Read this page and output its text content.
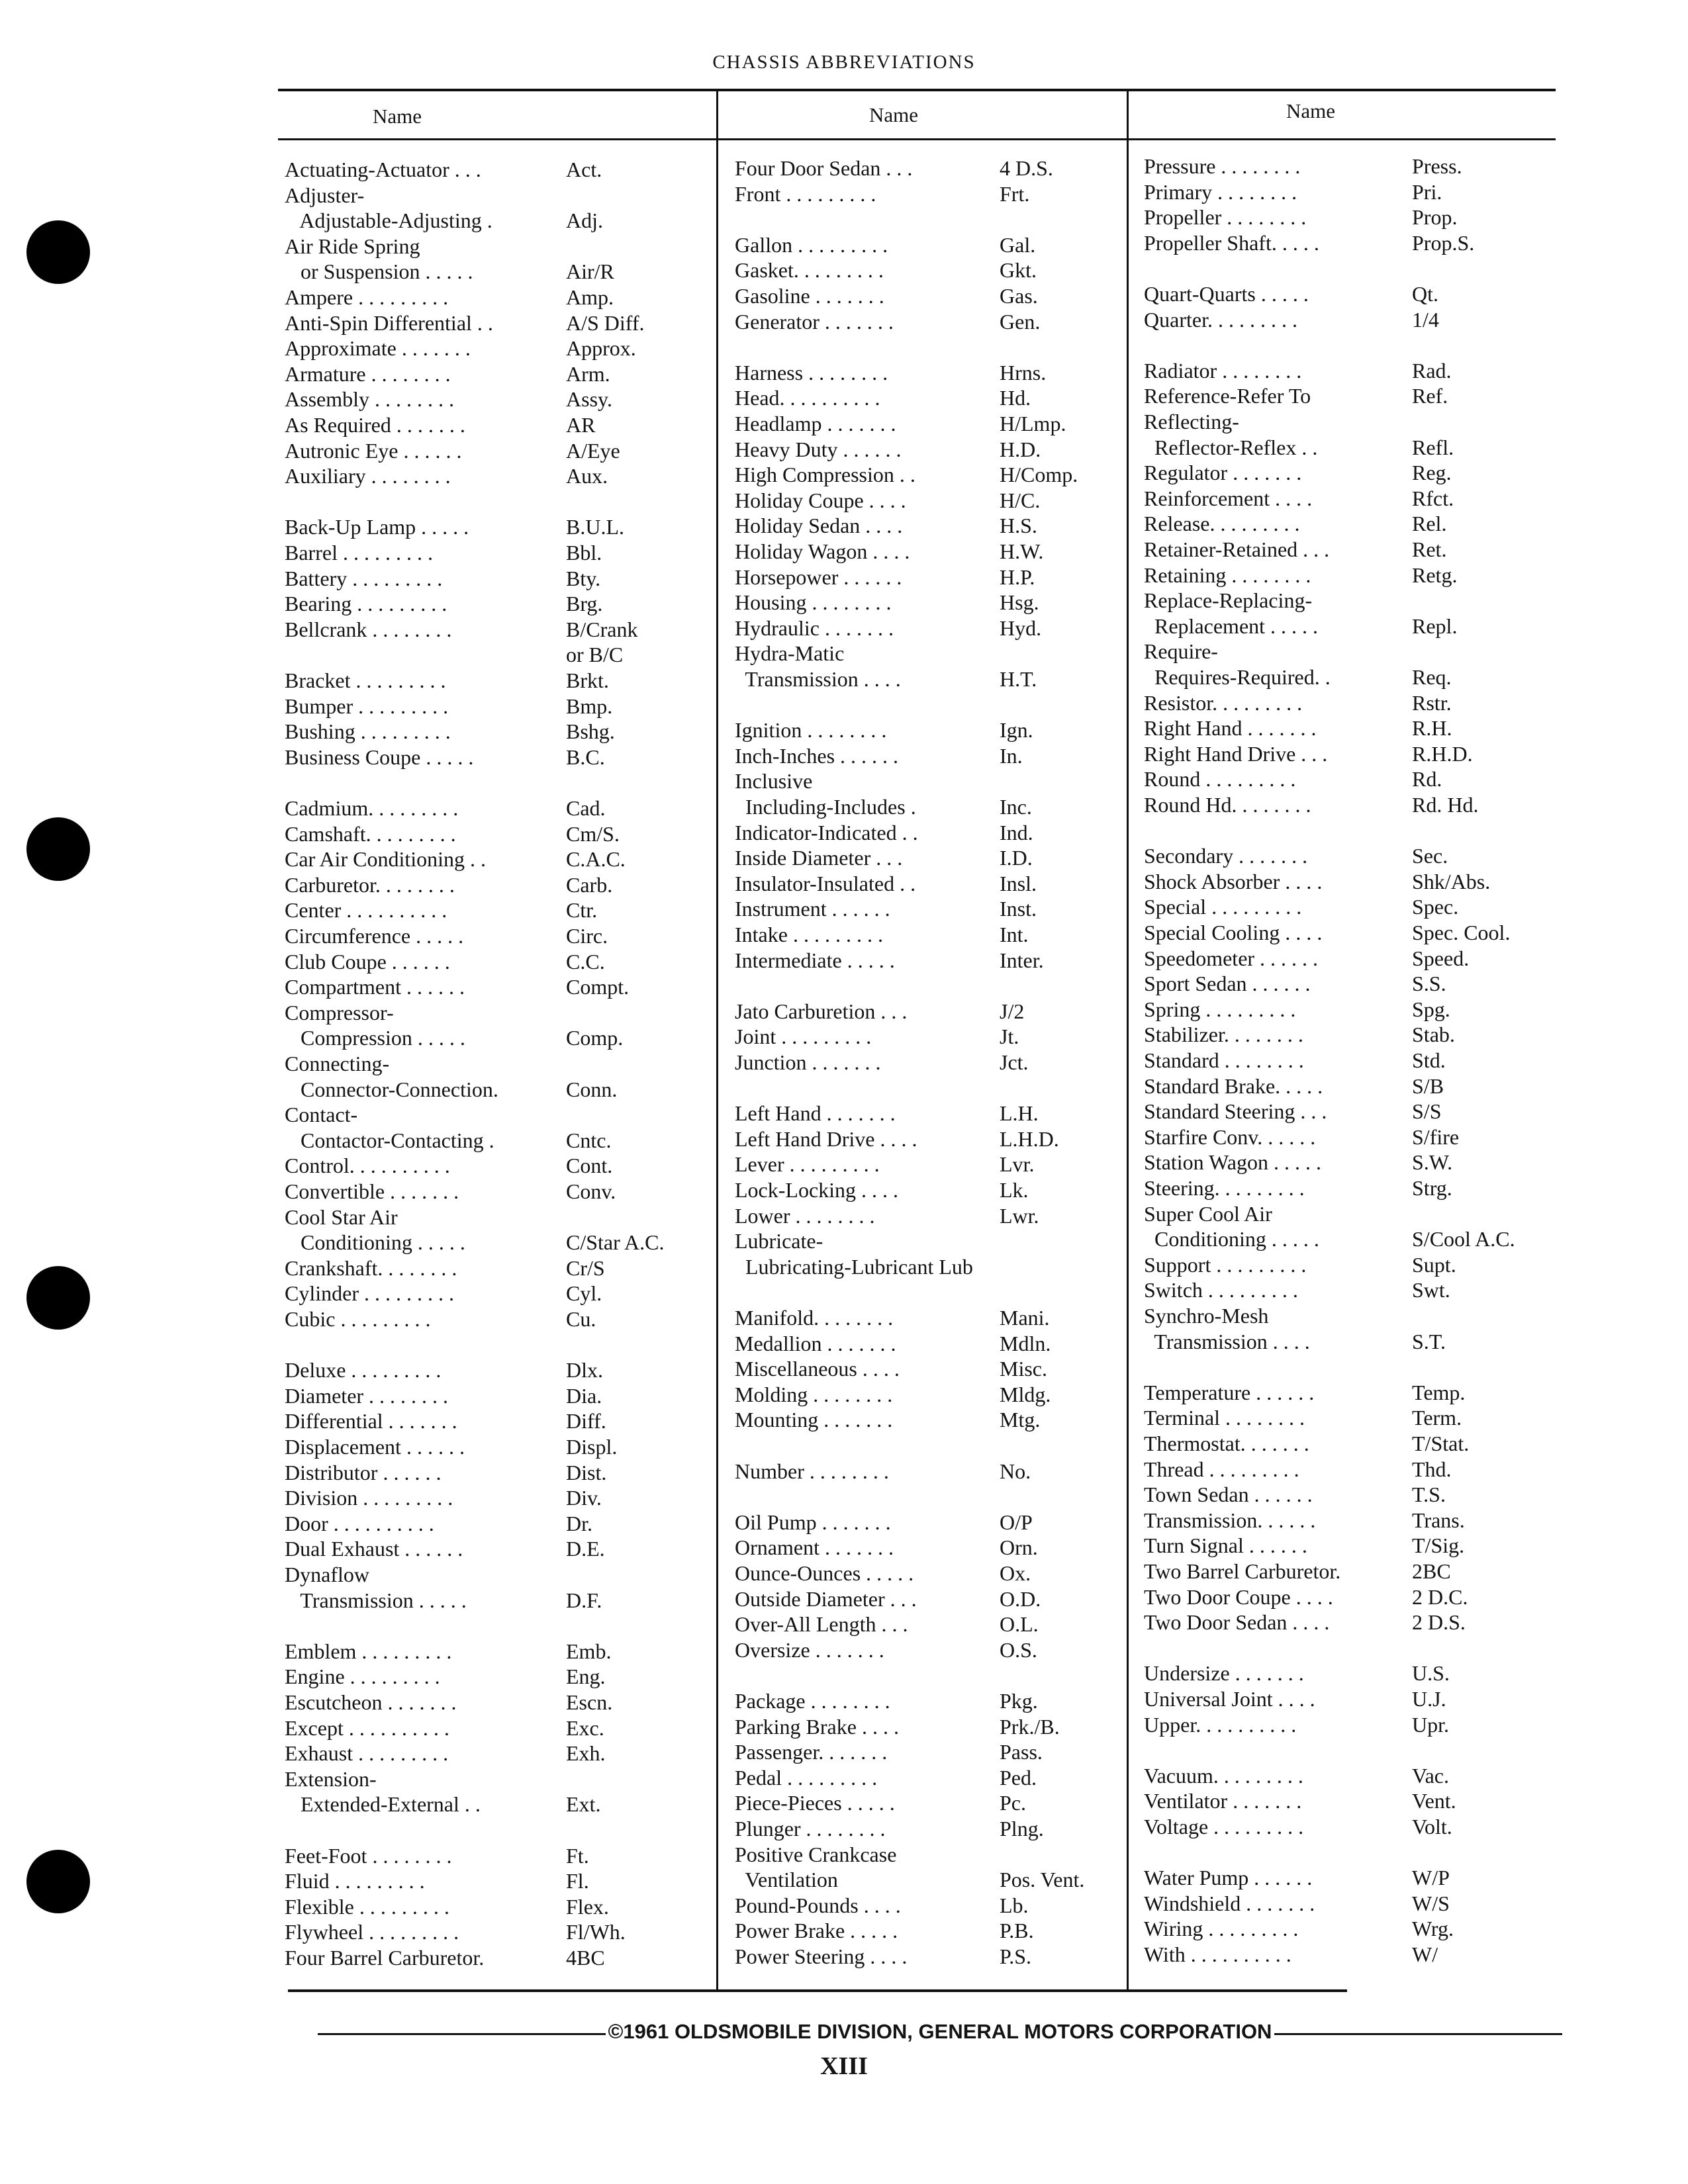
CHASSIS ABBREVIATIONS
Name	Name	Name
Actuating-Actuator . . .	Act.
Adjuster-
Adjustable-Adjusting .	Adj.
Air Ride Spring
or Suspension . . . . .	Air/R
Ampere . . . . . . . . .	Amp.
Anti-Spin Differential . .	A/S Diff.
Approximate . . . . . . .	Approx.
Armature . . . . . . . .	Arm.
Assembly . . . . . . . .	Assy.
As Required . . . . . . .	AR
Autronic Eye . . . . . .	A/Eye
Auxiliary . . . . . . . .	Aux.
Back-Up Lamp . . . . .	B.U.L.
Barrel . . . . . . . . .	Bbl.
Battery . . . . . . . . .	Bty.
Bearing . . . . . . . . .	Brg.
Bellcrank . . . . . . . .	B/Crank
or B/C
Bracket . . . . . . . . .	Brkt.
Bumper . . . . . . . . .	Bmp.
Bushing . . . . . . . . .	Bshg.
Business Coupe . . . . .	B.C.
Cadmium. . . . . . . . .	Cad.
Camshaft. . . . . . . . .	Cm/S.
Car Air Conditioning . .	C.A.C.
Carburetor. . . . . . . .	Carb.
Center . . . . . . . . . .	Ctr.
Circumference . . . . .	Circ.
Club Coupe . . . . . .	C.C.
Compartment . . . . . .	Compt.
Compressor-
Compression . . . . .	Comp.
Connecting-
Connector-Connection.	Conn.
Contact-
Contactor-Contacting .	Cntc.
Control. . . . . . . . . .	Cont.
Convertible . . . . . . .	Conv.
Cool Star Air
Conditioning . . . . .	C/Star A.C.
Crankshaft. . . . . . . .	Cr/S
Cylinder . . . . . . . . .	Cyl.
Cubic . . . . . . . . .	Cu.
Deluxe . . . . . . . . .	Dlx.
Diameter . . . . . . . .	Dia.
Differential . . . . . . .	Diff.
Displacement . . . . . .	Displ.
Distributor . . . . . .	Dist.
Division . . . . . . . . .	Div.
Door . . . . . . . . . .	Dr.
Dual Exhaust . . . . . .	D.E.
Dynaflow
Transmission . . . . .	D.F.
Emblem . . . . . . . . .	Emb.
Engine . . . . . . . . .	Eng.
Escutcheon . . . . . . .	Escn.
Except . . . . . . . . . .	Exc.
Exhaust . . . . . . . . .	Exh.
Extension-
Extended-External . .	Ext.
Feet-Foot . . . . . . . .	Ft.
Fluid . . . . . . . . .	Fl.
Flexible . . . . . . . . .	Flex.
Flywheel . . . . . . . . .	Fl/Wh.
Four Barrel Carburetor.	4BC
Four Door Sedan . . .	4 D.S.
Front . . . . . . . . .	Frt.
Gallon . . . . . . . . .	Gal.
Gasket. . . . . . . . .	Gkt.
Gasoline . . . . . . .	Gas.
Generator . . . . . . .	Gen.
Harness . . . . . . . .	Hrns.
Head. . . . . . . . . .	Hd.
Headlamp . . . . . . .	H/Lmp.
Heavy Duty . . . . . .	H.D.
High Compression . .	H/Comp.
Holiday Coupe . . . .	H/C.
Holiday Sedan . . . .	H.S.
Holiday Wagon . . . .	H.W.
Horsepower . . . . . .	H.P.
Housing . . . . . . . .	Hsg.
Hydraulic . . . . . . .	Hyd.
Hydra-Matic
Transmission . . . .	H.T.
Ignition . . . . . . . .	Ign.
Inch-Inches . . . . . .	In.
Inclusive
Including-Includes .	Inc.
Indicator-Indicated . .	Ind.
Inside Diameter . . .	I.D.
Insulator-Insulated . .	Insl.
Instrument . . . . . .	Inst.
Intake . . . . . . . . .	Int.
Intermediate . . . . .	Inter.
Jato Carburetion . . .	J/2
Joint . . . . . . . . .	Jt.
Junction . . . . . . .	Jct.
Left Hand . . . . . . .	L.H.
Left Hand Drive . . . .	L.H.D.
Lever . . . . . . . . .	Lvr.
Lock-Locking . . . .	Lk.
Lower . . . . . . . .	Lwr.
Lubricate-
Lubricating-Lubricant Lub
Manifold. . . . . . . .	Mani.
Medallion . . . . . . .	Mdln.
Miscellaneous . . . .	Misc.
Molding . . . . . . . .	Mldg.
Mounting . . . . . . .	Mtg.
Number . . . . . . . .	No.
Oil Pump . . . . . . .	O/P
Ornament . . . . . . .	Orn.
Ounce-Ounces . . . . .	Ox.
Outside Diameter . . .	O.D.
Over-All Length . . .	O.L.
Oversize . . . . . . .	O.S.
Package . . . . . . . .	Pkg.
Parking Brake . . . .	Prk./B.
Passenger. . . . . . .	Pass.
Pedal . . . . . . . . .	Ped.
Piece-Pieces . . . . .	Pc.
Plunger . . . . . . . .	Plng.
Positive Crankcase
Ventilation	Pos. Vent.
Pound-Pounds . . . .	Lb.
Power Brake . . . . .	P.B.
Power Steering . . . .	P.S.
Pressure . . . . . . . .	Press.
Primary . . . . . . . .	Pri.
Propeller . . . . . . . .	Prop.
Propeller Shaft. . . . .	Prop.S.
Quart-Quarts . . . . .	Qt.
Quarter. . . . . . . . .	1/4
Radiator . . . . . . . .	Rad.
Reference-Refer To	Ref.
Reflecting-
Reflector-Reflex . .	Refl.
Regulator . . . . . . .	Reg.
Reinforcement . . . .	Rfct.
Release. . . . . . . . .	Rel.
Retainer-Retained . . .	Ret.
Retaining . . . . . . . .	Retg.
Replace-Replacing-
Replacement . . . . .	Repl.
Require-
Requires-Required. .	Req.
Resistor. . . . . . . . .	Rstr.
Right Hand . . . . . . .	R.H.
Right Hand Drive . . .	R.H.D.
Round . . . . . . . . .	Rd.
Round Hd. . . . . . . .	Rd. Hd.
Secondary . . . . . . .	Sec.
Shock Absorber . . . .	Shk/Abs.
Special . . . . . . . . .	Spec.
Special Cooling . . . .	Spec. Cool.
Speedometer . . . . . .	Speed.
Sport Sedan . . . . . .	S.S.
Spring . . . . . . . . .	Spg.
Stabilizer. . . . . . . .	Stab.
Standard . . . . . . . .	Std.
Standard Brake. . . . .	S/B
Standard Steering . . .	S/S
Starfire Conv. . . . . .	S/fire
Station Wagon . . . . .	S.W.
Steering. . . . . . . . .	Strg.
Super Cool Air
Conditioning . . . . .	S/Cool A.C.
Support . . . . . . . . .	Supt.
Switch . . . . . . . . .	Swt.
Synchro-Mesh
Transmission . . . .	S.T.
Temperature . . . . . .	Temp.
Terminal . . . . . . . .	Term.
Thermostat. . . . . . .	T/Stat.
Thread . . . . . . . . .	Thd.
Town Sedan . . . . . .	T.S.
Transmission. . . . . .	Trans.
Turn Signal . . . . . .	T/Sig.
Two Barrel Carburetor.	2BC
Two Door Coupe . . . .	2 D.C.
Two Door Sedan . . . .	2 D.S.
Undersize . . . . . . .	U.S.
Universal Joint . . . .	U.J.
Upper. . . . . . . . . .	Upr.
Vacuum. . . . . . . . .	Vac.
Ventilator . . . . . . .	Vent.
Voltage . . . . . . . . .	Volt.
Water Pump . . . . . .	W/P
Windshield . . . . . . .	W/S
Wiring . . . . . . . . .	Wrg.
With . . . . . . . . . .	W/
©1961 OLDSMOBILE DIVISION, GENERAL MOTORS CORPORATION
XIII
